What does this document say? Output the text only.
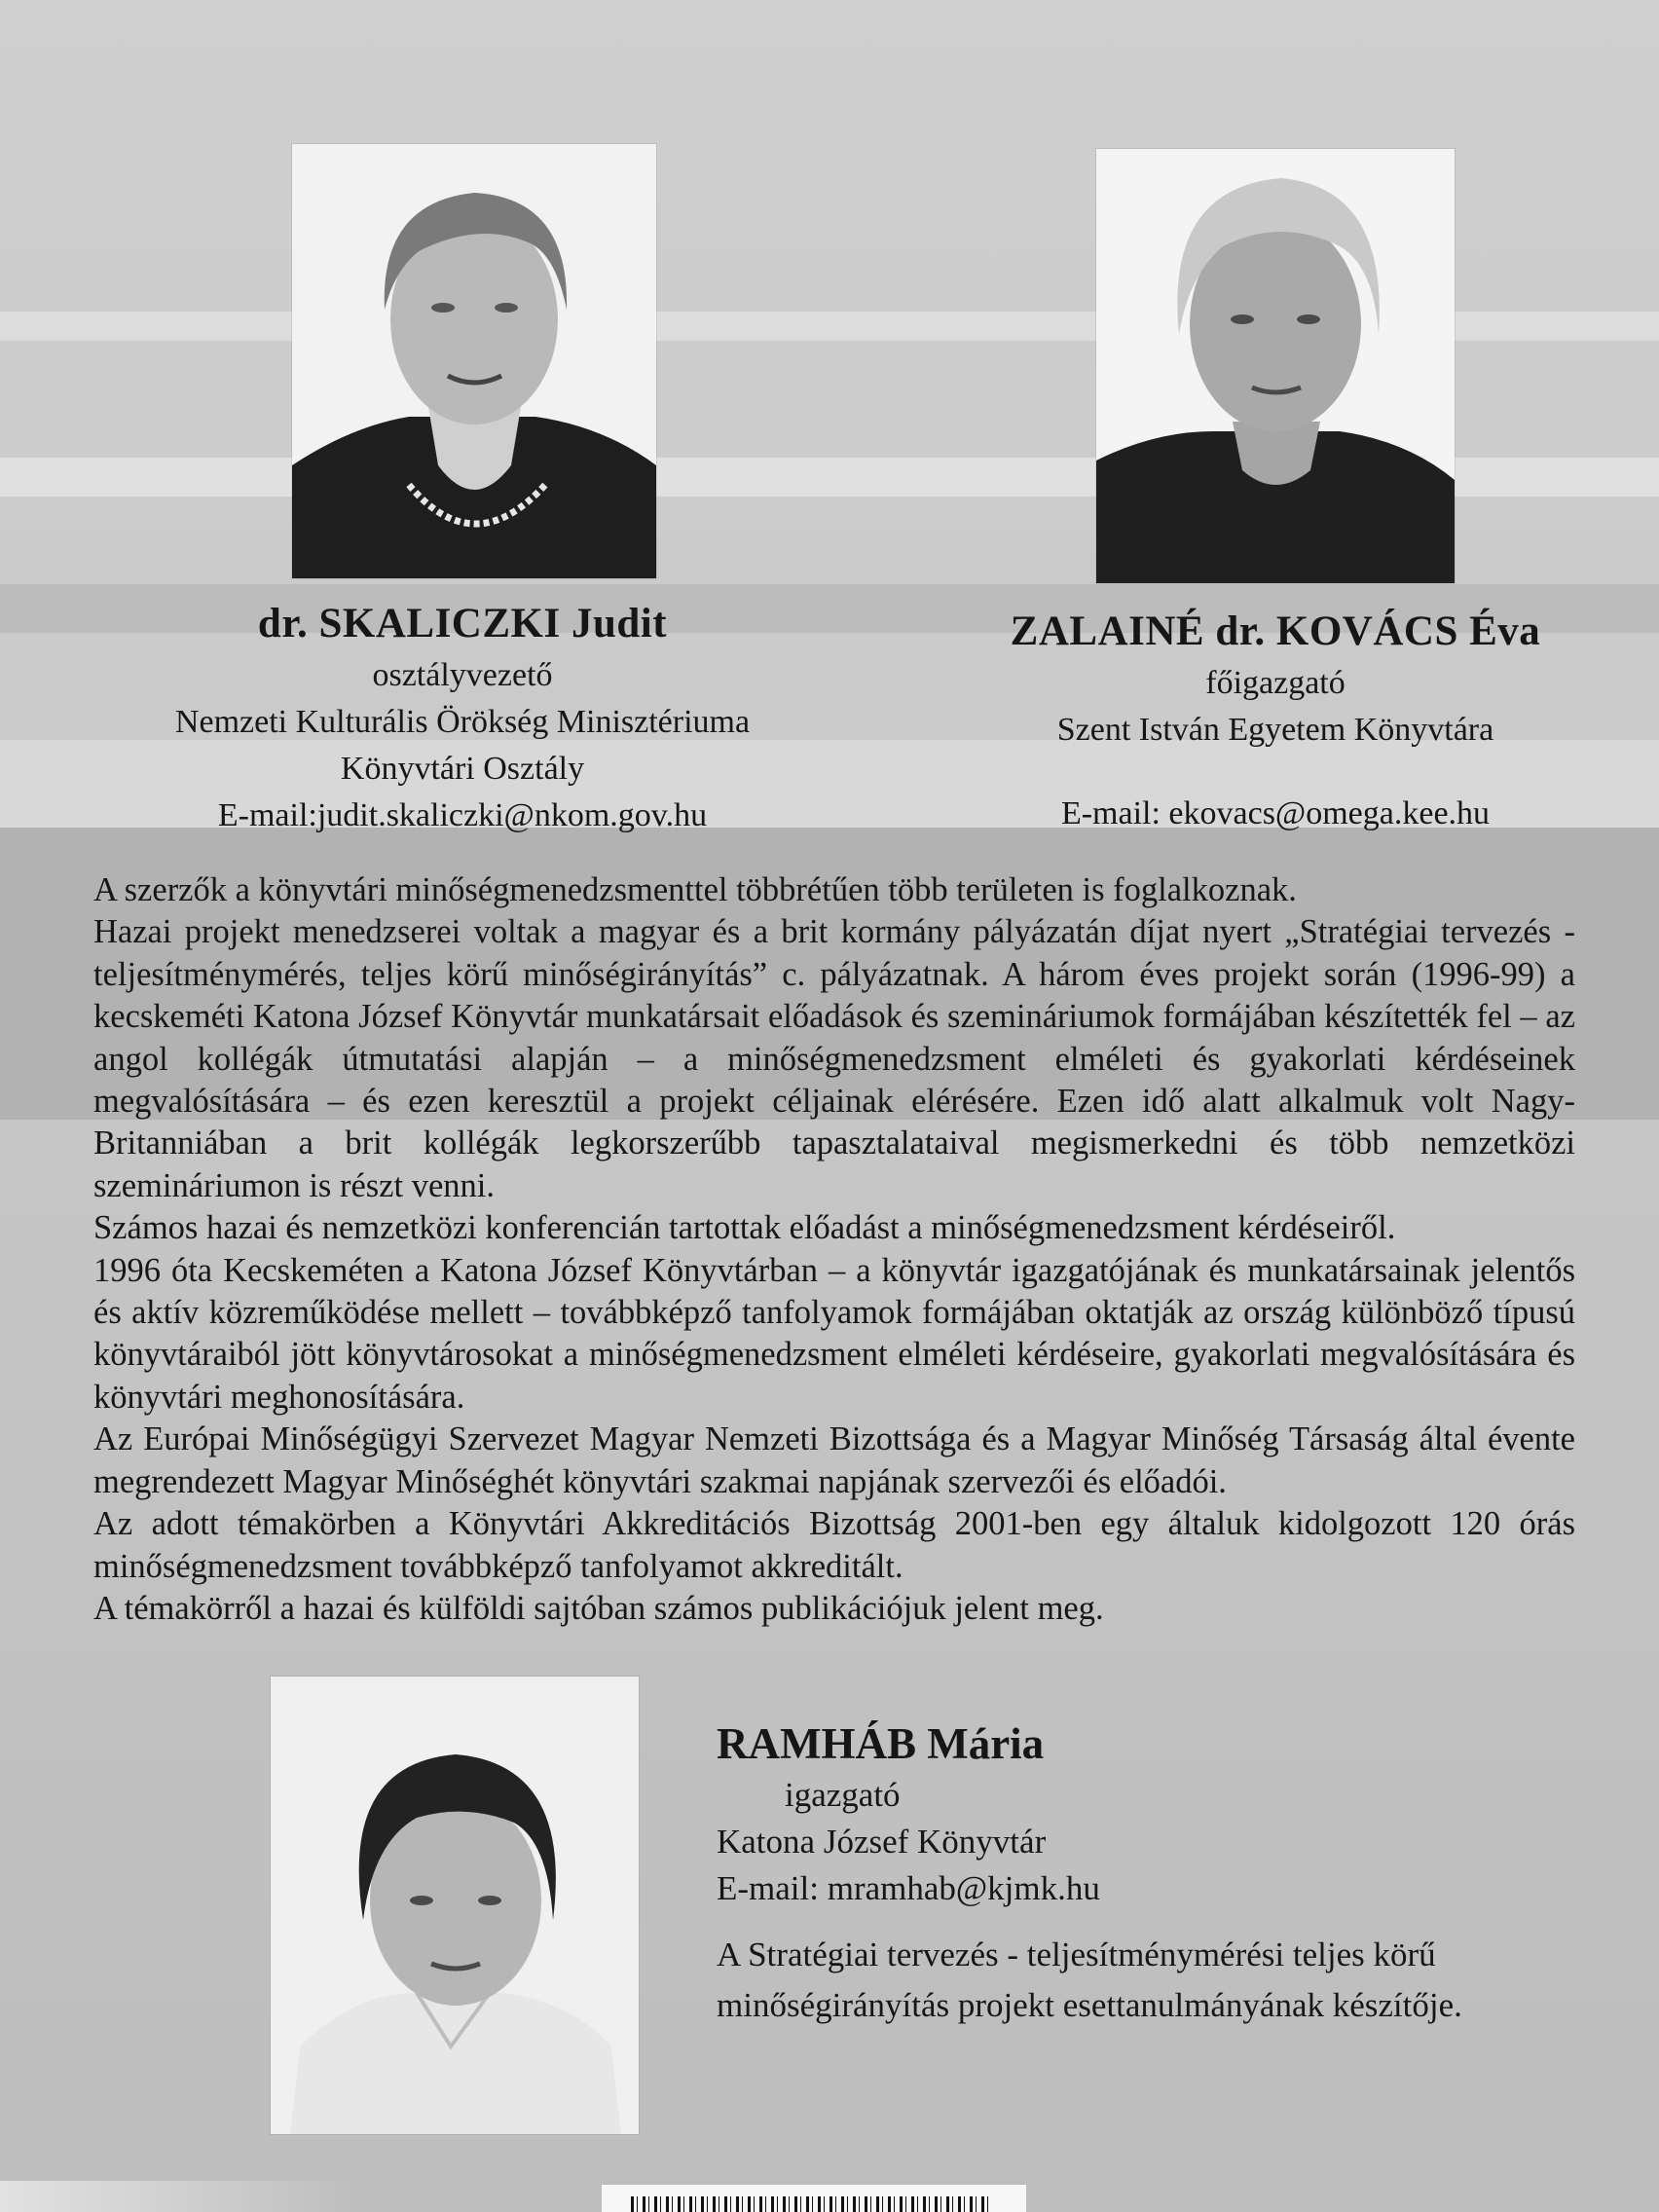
dr. SKALICZKI Judit
osztályvezető
Nemzeti Kulturális Örökség Minisztériuma
Könyvtári Osztály
E-mail:judit.skaliczki@nkom.gov.hu
ZALAINÉ dr. KOVÁCS Éva
főigazgató
Szent István Egyetem Könyvtára
E-mail: ekovacs@omega.kee.hu

A szerzők a könyvtári minőségmenedzsmenttel többrétűen több területen is foglalkoznak.

Hazai projekt menedzserei voltak a magyar és a brit kormány pályázatán díjat nyert „Stratégiai tervezés - teljesítménymérés, teljes körű minőségirányítás” c. pályázatnak. A három éves projekt során (1996-99) a kecskeméti Katona József Könyvtár munkatársait előadások és szemináriumok formájában készítették fel – az angol kollégák útmutatási alapján – a minőségmenedzsment elméleti és gyakorlati kérdéseinek megvalósítására – és ezen keresztül a projekt céljainak elérésére. Ezen idő alatt alkalmuk volt Nagy-Britanniában a brit kollégák legkorszerűbb tapasztalataival megismerkedni és több nemzetközi szemináriumon is részt venni.

Számos hazai és nemzetközi konferencián tartottak előadást a minőségmenedzsment kérdéseiről.

1996 óta Kecskeméten a Katona József Könyvtárban – a könyvtár igazgatójának és munkatársainak jelentős és aktív közreműködése mellett – továbbképző tanfolyamok formájában oktatják az ország különböző típusú könyvtáraiból jött könyvtárosokat a minőségmenedzsment elméleti kérdéseire, gyakorlati megvalósítására és könyvtári meghonosítására.

Az Európai Minőségügyi Szervezet Magyar Nemzeti Bizottsága és a Magyar Minőség Társaság által évente megrendezett Magyar Minőséghét könyvtári szakmai napjának szervezői és előadói.

Az adott témakörben a Könyvtári Akkreditációs Bizottság 2001-ben egy általuk kidolgozott 120 órás minőségmenedzsment továbbképző tanfolyamot akkreditált.

A témakörről a hazai és külföldi sajtóban számos publikációjuk jelent meg.

RAMHÁB Mária
igazgató
Katona József Könyvtár
E-mail: mramhab@kjmk.hu
A Stratégiai tervezés - teljesítménymérési teljes körű minőségirányítás projekt esettanulmányának készítője.
